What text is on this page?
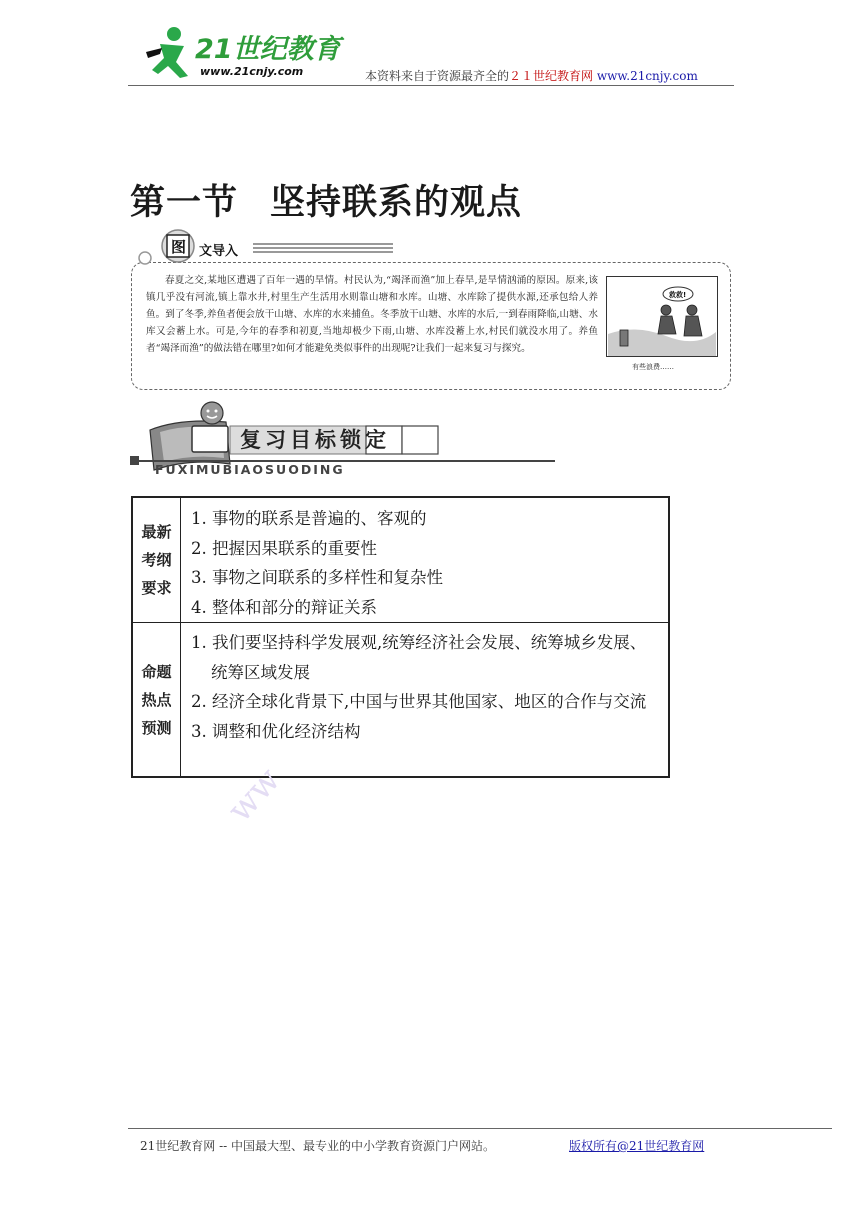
21世纪教育
www.21cnjy.com	本资料来自于资源最齐全的２１世纪教育网 www.21cnjy.com
第一节 坚持联系的观点
图 文导入
春夏之交,某地区遭遇了百年一遇的旱情。村民认为,“竭泽而渔”加上春旱,是旱情汹涌的原因。原来,该镇几乎没有河流,镇上靠水井,村里生产生活用水则靠山塘和水库。山塘、水库除了提供水源,还承包给人养鱼。到了冬季,养鱼者便会放干山塘、水库的水来捕鱼。冬季放干山塘、水库的水后,一到春雨降临,山塘、水库又会蓄上水。可是,今年的春季和初夏,当地却极少下雨,山塘、水库没蓄上水,村民们就没水用了。养鱼者“竭泽而渔”的做法错在哪里?如何才能避免类似事件的出现呢?让我们一起来复习与探究。
救救!
有些浪费……
复习目标锁定
FUXIMUBIAOSUODING
最新考纲要求
1. 事物的联系是普遍的、客观的
2. 把握因果联系的重要性
3. 事物之间联系的多样性和复杂性
4. 整体和部分的辩证关系
命题热点预测
1. 我们要坚持科学发展观,统筹经济社会发展、统筹城乡发展、统筹区域发展
2. 经济全球化背景下,中国与世界其他国家、地区的合作与交流
3. 调整和优化经济结构
ww
21世纪教育网 -- 中国最大型、最专业的中小学教育资源门户网站。	版权所有@21世纪教育网
